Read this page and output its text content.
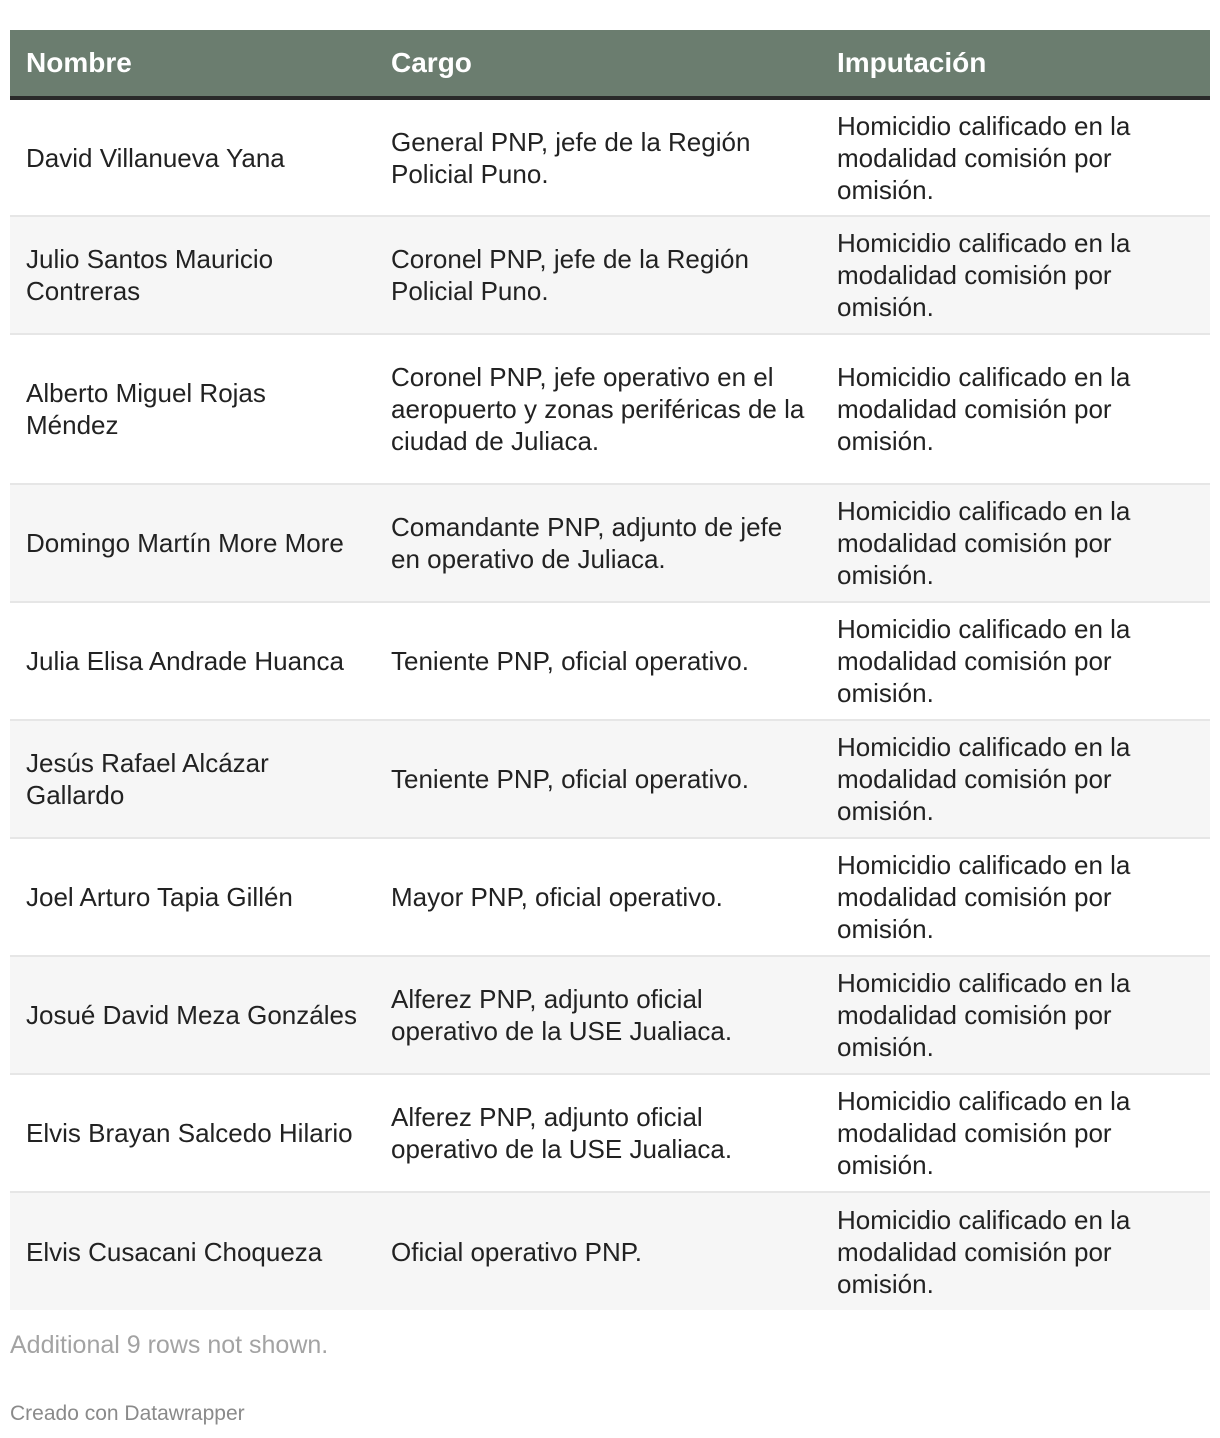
Nombre	Cargo	Imputación
David Villanueva Yana	General PNP, jefe de la Región Policial Puno.	Homicidio calificado en la modalidad comisión por omisión.
Julio Santos Mauricio Contreras	Coronel PNP, jefe de la Región Policial Puno.	Homicidio calificado en la modalidad comisión por omisión.
Alberto Miguel Rojas Méndez	Coronel PNP, jefe operativo en el aeropuerto y zonas periféricas de la ciudad de Juliaca.	Homicidio calificado en la modalidad comisión por omisión.
Domingo Martín More More	Comandante PNP, adjunto de jefe en operativo de Juliaca.	Homicidio calificado en la modalidad comisión por omisión.
Julia Elisa Andrade Huanca	Teniente PNP, oficial operativo.	Homicidio calificado en la modalidad comisión por omisión.
Jesús Rafael Alcázar Gallardo	Teniente PNP, oficial operativo.	Homicidio calificado en la modalidad comisión por omisión.
Joel Arturo Tapia Gillén	Mayor PNP, oficial operativo.	Homicidio calificado en la modalidad comisión por omisión.
Josué David Meza Gonzáles	Alferez PNP, adjunto oficial operativo de la USE Jualiaca.	Homicidio calificado en la modalidad comisión por omisión.
Elvis Brayan Salcedo Hilario	Alferez PNP, adjunto oficial operativo de la USE Jualiaca.	Homicidio calificado en la modalidad comisión por omisión.
Elvis Cusacani Choqueza	Oficial operativo PNP.	Homicidio calificado en la modalidad comisión por omisión.
Additional 9 rows not shown.
Creado con Datawrapper
